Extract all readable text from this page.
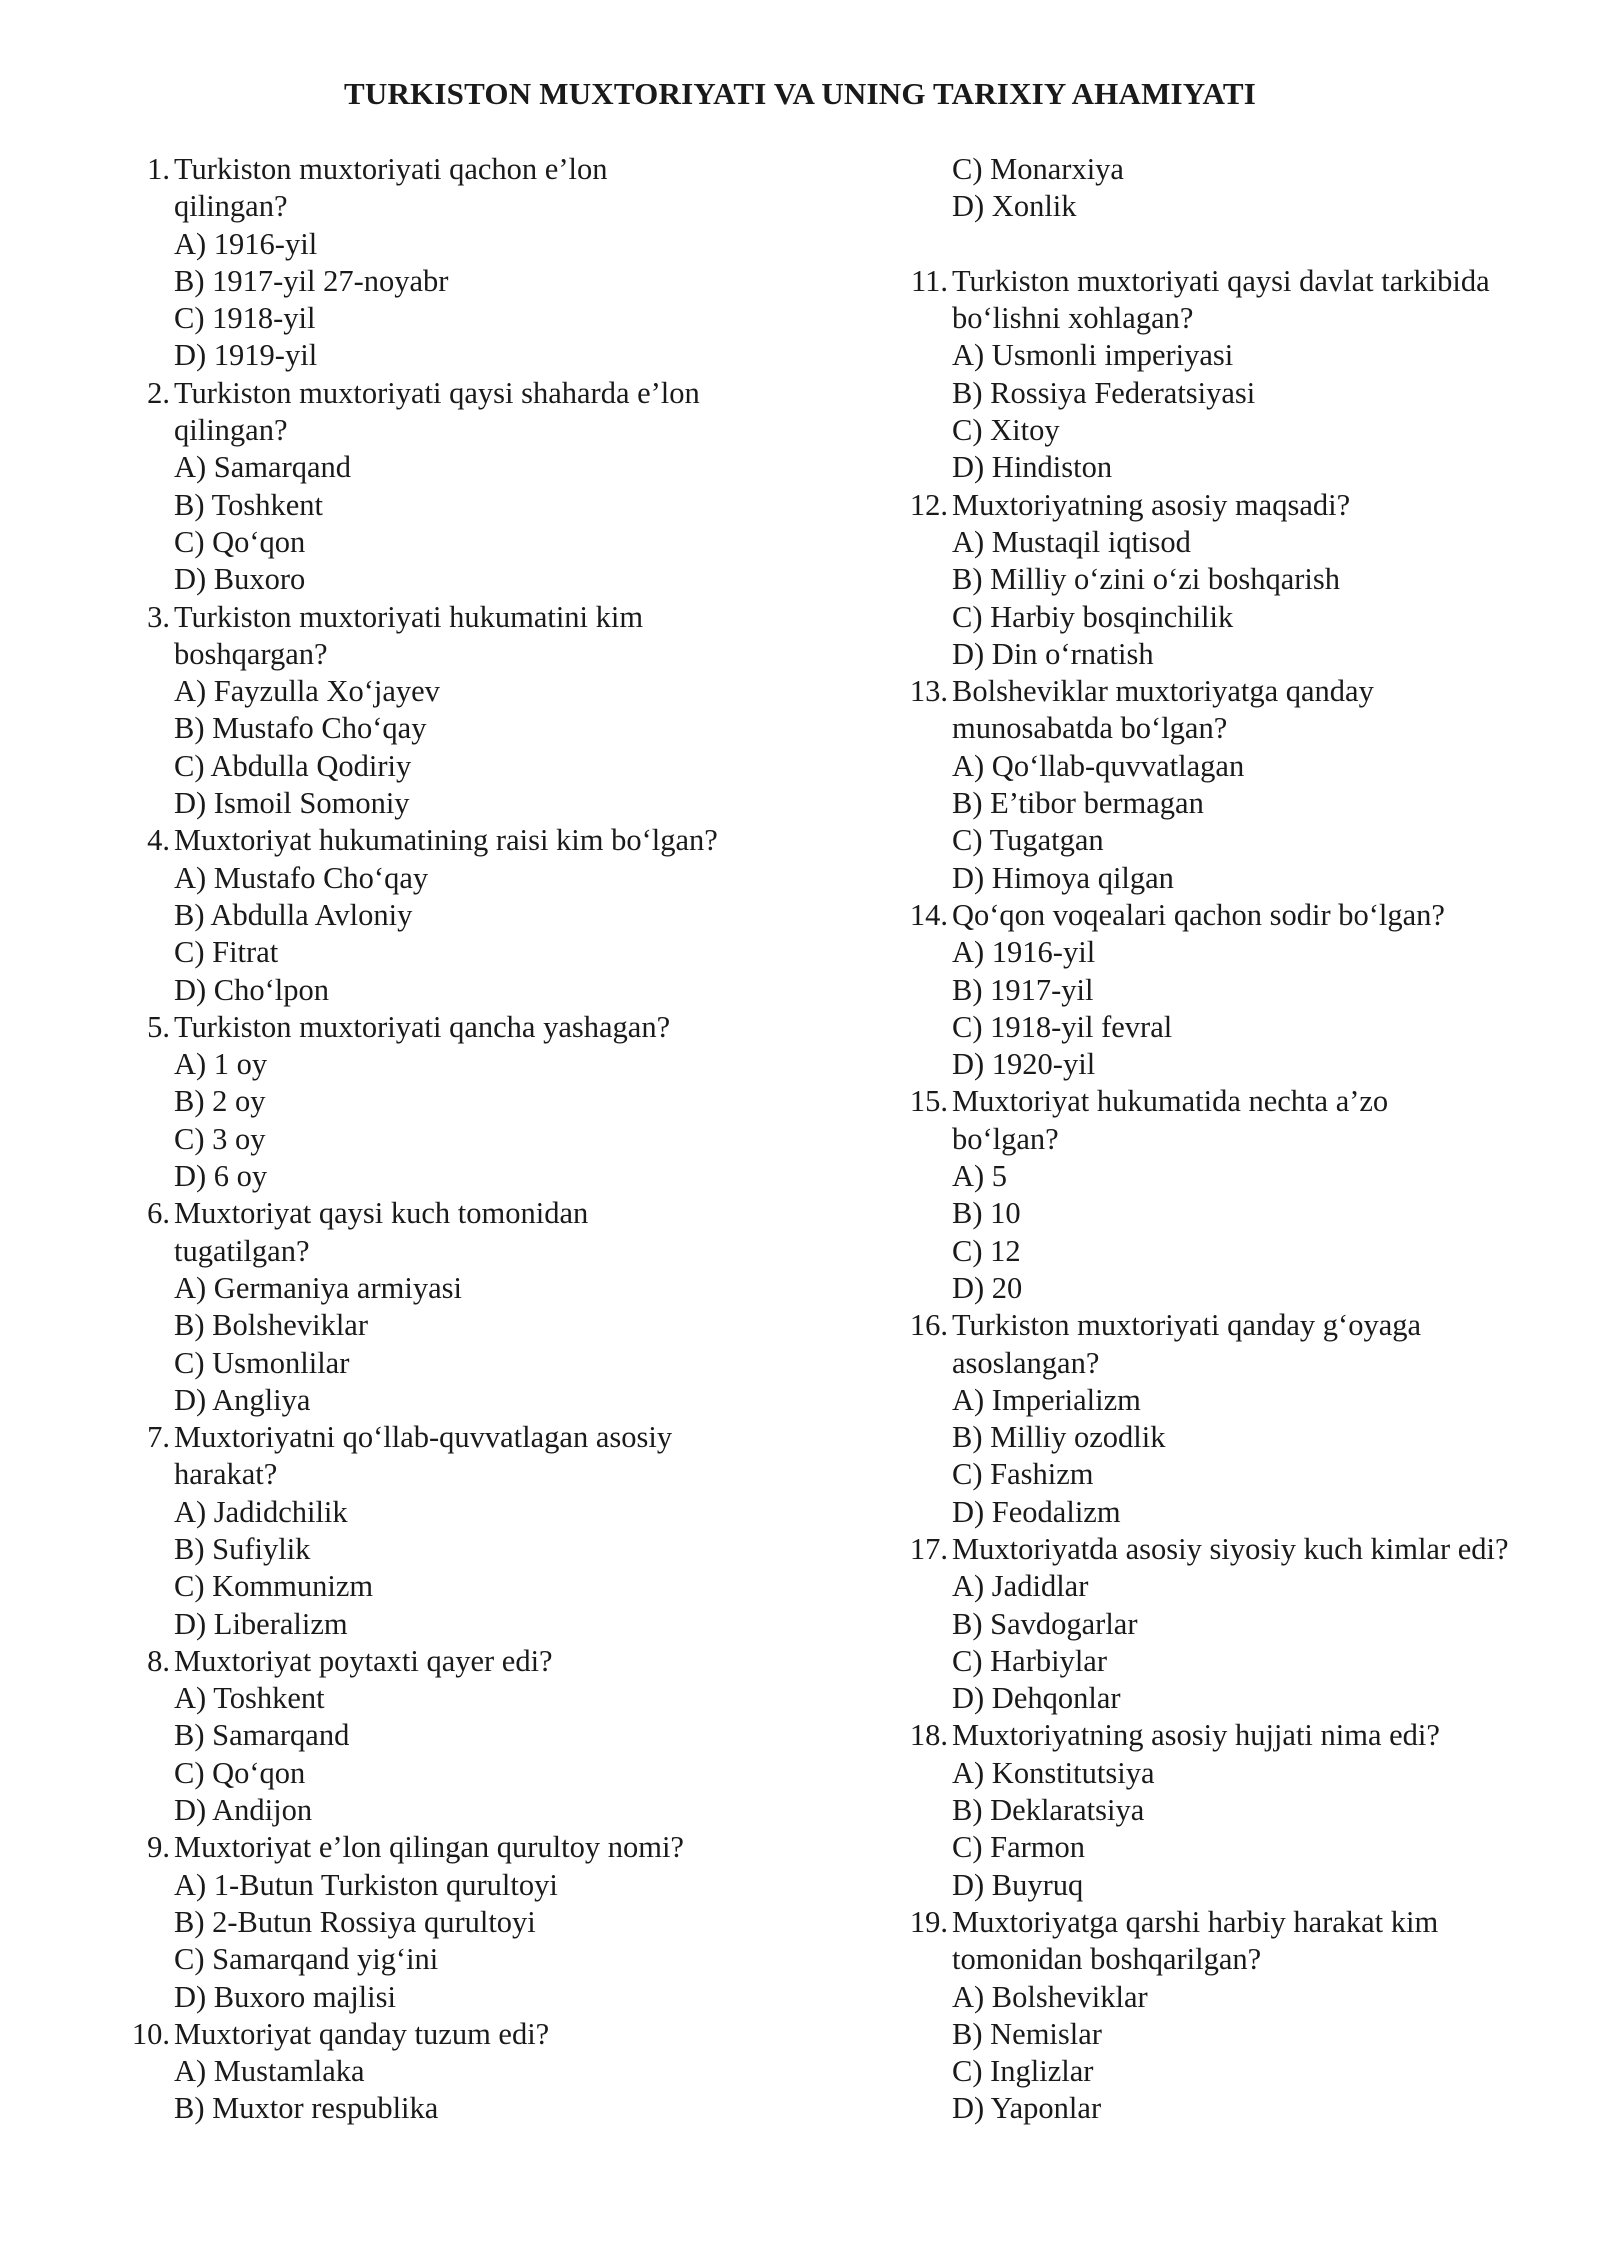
TURKISTON MUXTORIYATI VA UNING TARIXIY AHAMIYATI
1. Turkiston muxtoriyati qachon e’lon qilingan?
A) 1916-yil
B) 1917-yil 27-noyabr
C) 1918-yil
D) 1919-yil
2. Turkiston muxtoriyati qaysi shaharda e’lon qilingan?
A) Samarqand
B) Toshkent
C) Qo‘qon
D) Buxoro
3. Turkiston muxtoriyati hukumatini kim boshqargan?
A) Fayzulla Xo‘jayev
B) Mustafo Cho‘qay
C) Abdulla Qodiriy
D) Ismoil Somoniy
4. Muxtoriyat hukumatining raisi kim bo‘lgan?
A) Mustafo Cho‘qay
B) Abdulla Avloniy
C) Fitrat
D) Cho‘lpon
5. Turkiston muxtoriyati qancha yashagan?
A) 1 oy
B) 2 oy
C) 3 oy
D) 6 oy
6. Muxtoriyat qaysi kuch tomonidan tugatilgan?
A) Germaniya armiyasi
B) Bolsheviklar
C) Usmonlilar
D) Angliya
7. Muxtoriyatni qo‘llab-quvvatlagan asosiy harakat?
A) Jadidchilik
B) Sufiylik
C) Kommunizm
D) Liberalizm
8. Muxtoriyat poytaxti qayer edi?
A) Toshkent
B) Samarqand
C) Qo‘qon
D) Andijon
9. Muxtoriyat e’lon qilingan qurultoy nomi?
A) 1-Butun Turkiston qurultoyi
B) 2-Butun Rossiya qurultoyi
C) Samarqand yig‘ini
D) Buxoro majlisi
10. Muxtoriyat qanday tuzum edi?
A) Mustamlaka
B) Muxtor respublika
C) Monarxiya
D) Xonlik
11. Turkiston muxtoriyati qaysi davlat tarkibida bo‘lishni xohlagan?
A) Usmonli imperiyasi
B) Rossiya Federatsiyasi
C) Xitoy
D) Hindiston
12. Muxtoriyatning asosiy maqsadi?
A) Mustaqil iqtisod
B) Milliy o‘zini o‘zi boshqarish
C) Harbiy bosqinchilik
D) Din o‘rnatish
13. Bolsheviklar muxtoriyatga qanday munosabatda bo‘lgan?
A) Qo‘llab-quvvatlagan
B) E’tibor bermagan
C) Tugatgan
D) Himoya qilgan
14. Qo‘qon voqealari qachon sodir bo‘lgan?
A) 1916-yil
B) 1917-yil
C) 1918-yil fevral
D) 1920-yil
15. Muxtoriyat hukumatida nechta a’zo bo‘lgan?
A) 5
B) 10
C) 12
D) 20
16. Turkiston muxtoriyati qanday g‘oyaga asoslangan?
A) Imperializm
B) Milliy ozodlik
C) Fashizm
D) Feodalizm
17. Muxtoriyatda asosiy siyosiy kuch kimlar edi?
A) Jadidlar
B) Savdogarlar
C) Harbiylar
D) Dehqonlar
18. Muxtoriyatning asosiy hujjati nima edi?
A) Konstitutsiya
B) Deklaratsiya
C) Farmon
D) Buyruq
19. Muxtoriyatga qarshi harbiy harakat kim tomonidan boshqarilgan?
A) Bolsheviklar
B) Nemislar
C) Inglizlar
D) Yaponlar
